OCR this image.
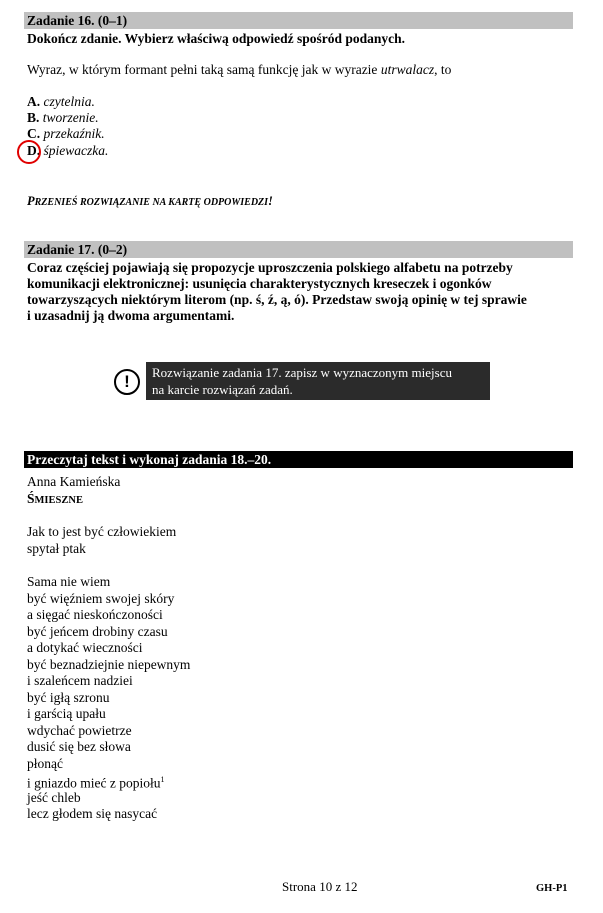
Zadanie 16. (0–1)
Dokończ zdanie. Wybierz właściwą odpowiedź spośród podanych.
Wyraz, w którym formant pełni taką samą funkcję jak w wyrazie utrwalacz, to
A. czytelnia.
B. tworzenie.
C. przekaźnik.
D. śpiewaczka.
PRZENIEŚ ROZWIĄZANIE NA KARTĘ ODPOWIEDZI!
Zadanie 17. (0–2)
Coraz częściej pojawiają się propozycje uproszczenia polskiego alfabetu na potrzeby
komunikacji elektronicznej: usunięcia charakterystycznych kreseczek i ogonków
towarzyszących niektórym literom (np. ś, ź, ą, ó). Przedstaw swoją opinię w tej sprawie
i uzasadnij ją dwoma argumentami.
!	Rozwiązanie zadania 17. zapisz w wyznaczonym miejscu
na karcie rozwiązań zadań.
Przeczytaj tekst i wykonaj zadania 18.–20.
Anna Kamieńska
ŚMIESZNE
Jak to jest być człowiekiem
spytał ptak
Sama nie wiem
być więźniem swojej skóry
a sięgać nieskończoności
być jeńcem drobiny czasu
a dotykać wieczności
być beznadziejnie niepewnym
i szaleńcem nadziei
być igłą szronu
i garścią upału
wdychać powietrze
dusić się bez słowa
płonąć
i gniazdo mieć z popiołu$^1$
jeść chleb
lecz głodem się nasycać
Strona 10 z 12	GH-P1
